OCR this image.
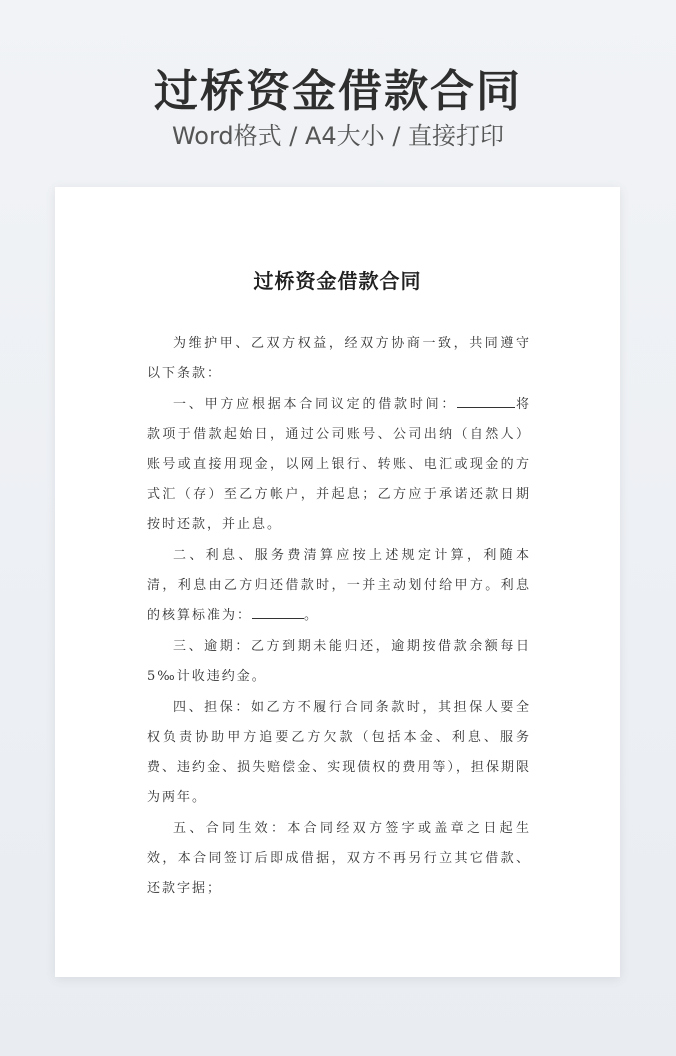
过桥资金借款合同
Word格式 / A4大小 / 直接打印
过桥资金借款合同

为维护甲、乙双方权益，经双方协商一致，共同遵守以下条款：

一、甲方应根据本合同议定的借款时间：	将款项于借款起始日，通过公司账号、公司出纳（自然人）账号或直接用现金，以网上银行、转账、电汇或现金的方式汇（存）至乙方帐户，并起息；乙方应于承诺还款日期按时还款，并止息。

二、利息、服务费清算应按上述规定计算，利随本清，利息由乙方归还借款时，一并主动划付给甲方。利息的核算标准为：	。

三、逾期：乙方到期未能归还，逾期按借款余额每日5‰计收违约金。

四、担保：如乙方不履行合同条款时，其担保人要全权负责协助甲方追要乙方欠款（包括本金、利息、服务费、违约金、损失赔偿金、实现债权的费用等），担保期限为两年。

五、合同生效：本合同经双方签字或盖章之日起生效，本合同签订后即成借据，双方不再另行立其它借款、还款字据；
